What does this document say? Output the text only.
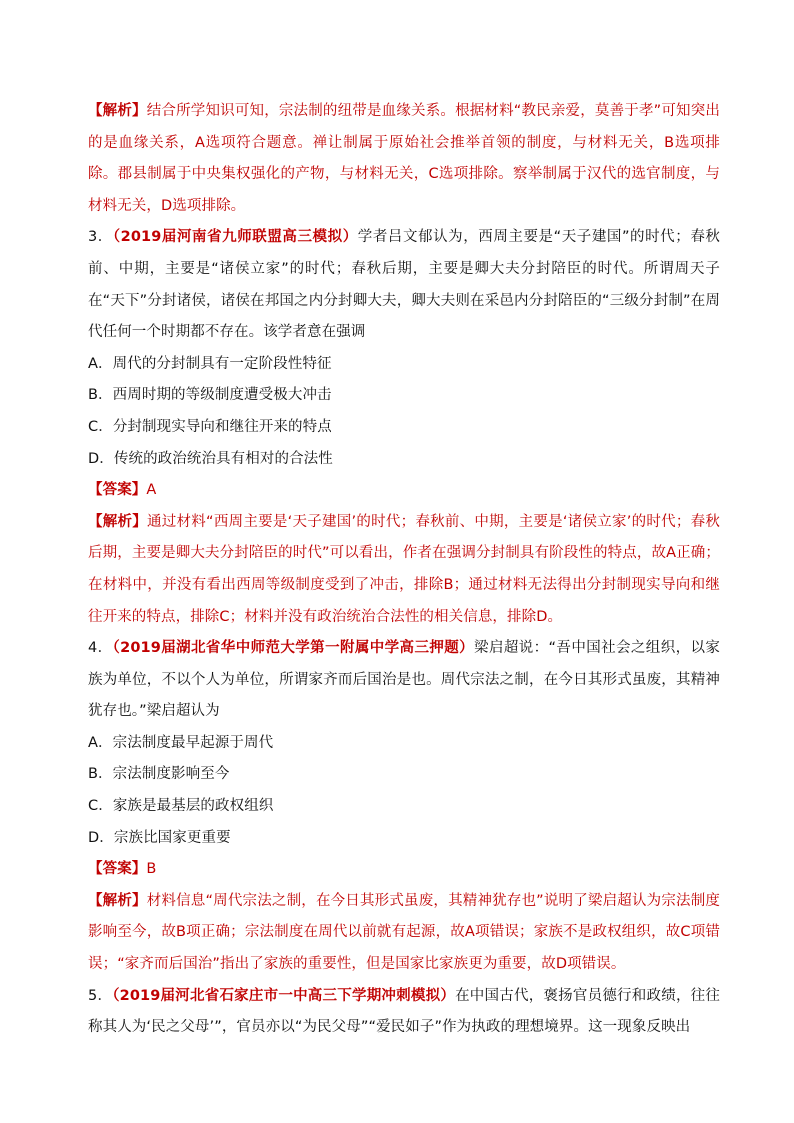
【解析】结合所学知识可知，宗法制的纽带是血缘关系。根据材料“教民亲爱，莫善于孝”可知突出的是血缘关系，A选项符合题意。禅让制属于原始社会推举首领的制度，与材料无关，B选项排除。郡县制属于中央集权强化的产物，与材料无关，C选项排除。察举制属于汉代的选官制度，与材料无关，D选项排除。

3．（2019届河南省九师联盟高三模拟）学者吕文郁认为，西周主要是“天子建国”的时代；春秋前、中期，主要是“诸侯立家”的时代；春秋后期，主要是卿大夫分封陪臣的时代。所谓周天子在“天下”分封诸侯，诸侯在邦国之内分封卿大夫，卿大夫则在采邑内分封陪臣的“三级分封制”在周代任何一个时期都不存在。该学者意在强调

A．周代的分封制具有一定阶段性特征

B．西周时期的等级制度遭受极大冲击

C．分封制现实导向和继往开来的特点

D．传统的政治统治具有相对的合法性

【答案】A

【解析】通过材料“西周主要是‘天子建国’的时代；春秋前、中期，主要是‘诸侯立家’的时代；春秋后期，主要是卿大夫分封陪臣的时代”可以看出，作者在强调分封制具有阶段性的特点，故A正确；在材料中，并没有看出西周等级制度受到了冲击，排除B；通过材料无法得出分封制现实导向和继往开来的特点，排除C；材料并没有政治统治合法性的相关信息，排除D。

4．（2019届湖北省华中师范大学第一附属中学高三押题）梁启超说：“吾中国社会之组织，以家族为单位，不以个人为单位，所谓家齐而后国治是也。周代宗法之制，在今日其形式虽废，其精神犹存也。”梁启超认为

A．宗法制度最早起源于周代

B．宗法制度影响至今

C．家族是最基层的政权组织

D．宗族比国家更重要

【答案】B

【解析】材料信息“周代宗法之制，在今日其形式虽废，其精神犹存也”说明了梁启超认为宗法制度影响至今，故B项正确；宗法制度在周代以前就有起源，故A项错误；家族不是政权组织，故C项错误；“家齐而后国治”指出了家族的重要性，但是国家比家族更为重要，故D项错误。

5．（2019届河北省石家庄市一中高三下学期冲刺模拟）在中国古代，褒扬官员德行和政绩，往往称其人为‘民之父母’”，官员亦以“为民父母”“爱民如子”作为执政的理想境界。这一现象反映出
